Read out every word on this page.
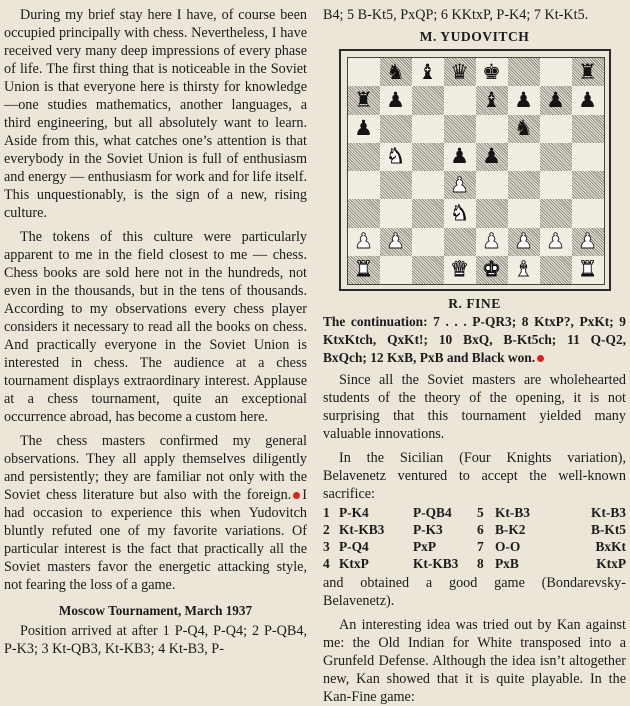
During my brief stay here I have, of course been occupied principally with chess. Nevertheless, I have received very many deep impressions of every phase of life. The first thing that is noticeable in the Soviet Union is that everyone here is thirsty for knowledge—one studies mathematics, another languages, a third engineering, but all absolutely want to learn. Aside from this, what catches one’s attention is that everybody in the Soviet Union is full of enthusiasm and energy — enthusiasm for work and for life itself. This unquestionably, is the sign of a new, rising culture.

The tokens of this culture were particularly apparent to me in the field closest to me — chess. Chess books are sold here not in the hundreds, not even in the thousands, but in the tens of thousands. According to my observations every chess player considers it necessary to read all the books on chess. And practically everyone in the Soviet Union is interested in chess. The audience at a chess tournament displays extraordinary interest. Applause at a chess tournament, quite an exceptional occurrence abroad, has become a custom here.

The chess masters confirmed my general observations. They all apply themselves diligently and persistently; they are familiar not only with the Soviet chess literature but also with the foreign. I had occasion to experience this when Yudovitch bluntly refuted one of my favorite variations. Of particular interest is the fact that practically all the Soviet masters favor the energetic attacking style, not fearing the loss of a game.

Moscow Tournament, March 1937

Position arrived at after 1 P-Q4, P-Q4; 2 P-QB4, P-K3; 3 Kt-QB3, Kt-KB3; 4 Kt-B3, P-

B4; 5 B-Kt5, PxQP; 6 KKtxP, P-K4; 7 Kt-Kt5.

M. YUDOVITCH
♞ ♝ ♛ ♚	♜
♜ ♟	♝ ♟ ♟ ♟
♟	♞
♞ ♟ ♟
♟
♞
♟ ♟	♟ ♟ ♟ ♟
♜	♛ ♚ ♝ ♜
R. FINE

The continuation: 7 . . . P-QR3; 8 KtxP?, PxKt; 9 KtxKtch, QxKt!; 10 BxQ, B-Kt5ch; 11 Q-Q2, BxQch; 12 KxB, PxB and Black won.

Since all the Soviet masters are wholehearted students of the theory of the opening, it is not surprising that this tournament yielded many valuable innovations.

In the Sicilian (Four Knights variation), Belavenetz ventured to accept the well-known sacrifice:

1 P-K4	P-QB4	5 Kt-B3	Kt-B3
2 Kt-KB3	P-K3	6 B-K2	B-Kt5
3 P-Q4	PxP	7 O-O	BxKt
4 KtxP	Kt-KB3	8 PxB	KtxP

and obtained a good game (Bondarevsky-Belavenetz).

An interesting idea was tried out by Kan against me: the Old Indian for White transposed into a Grunfeld Defense. Although the idea isn’t altogether new, Kan showed that it is quite playable. In the Kan-Fine game:
